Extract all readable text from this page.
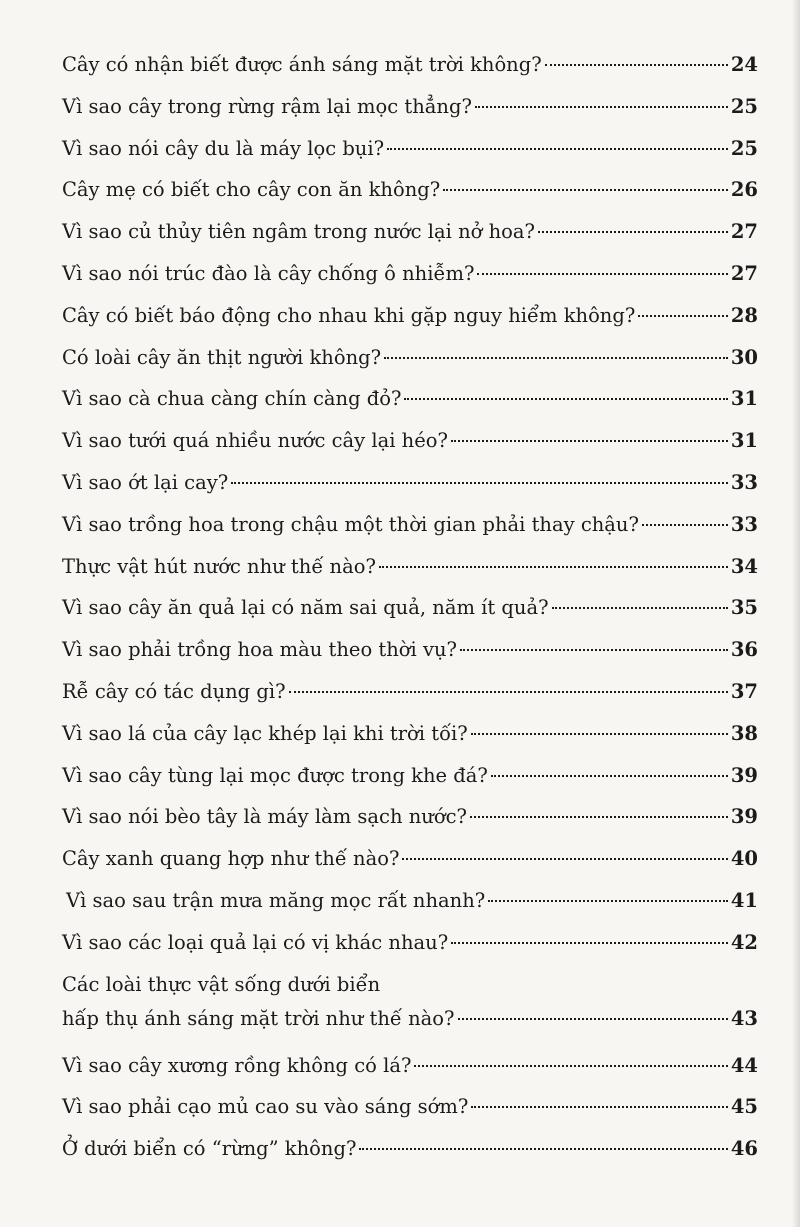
Cây có nhận biết được ánh sáng mặt trời không?	24
Vì sao cây trong rừng rậm lại mọc thẳng?	25
Vì sao nói cây du là máy lọc bụi?	25
Cây mẹ có biết cho cây con ăn không?	26
Vì sao củ thủy tiên ngâm trong nước lại nở hoa?	27
Vì sao nói trúc đào là cây chống ô nhiễm?	27
Cây có biết báo động cho nhau khi gặp nguy hiểm không?	28
Có loài cây ăn thịt người không?	30
Vì sao cà chua càng chín càng đỏ?	31
Vì sao tưới quá nhiều nước cây lại héo?	31
Vì sao ớt lại cay?	33
Vì sao trồng hoa trong chậu một thời gian phải thay chậu?	33
Thực vật hút nước như thế nào?	34
Vì sao cây ăn quả lại có năm sai quả, năm ít quả?	35
Vì sao phải trồng hoa màu theo thời vụ?	36
Rễ cây có tác dụng gì?	37
Vì sao lá của cây lạc khép lại khi trời tối?	38
Vì sao cây tùng lại mọc được trong khe đá?	39
Vì sao nói bèo tây là máy làm sạch nước?	39
Cây xanh quang hợp như thế nào?	40
Vì sao sau trận mưa măng mọc rất nhanh?	41
Vì sao các loại quả lại có vị khác nhau?	42
Các loài thực vật sống dưới biển
hấp thụ ánh sáng mặt trời như thế nào?	43
Vì sao cây xương rồng không có lá?	44
Vì sao phải cạo mủ cao su vào sáng sớm?	45
Ở dưới biển có “rừng” không?	46
